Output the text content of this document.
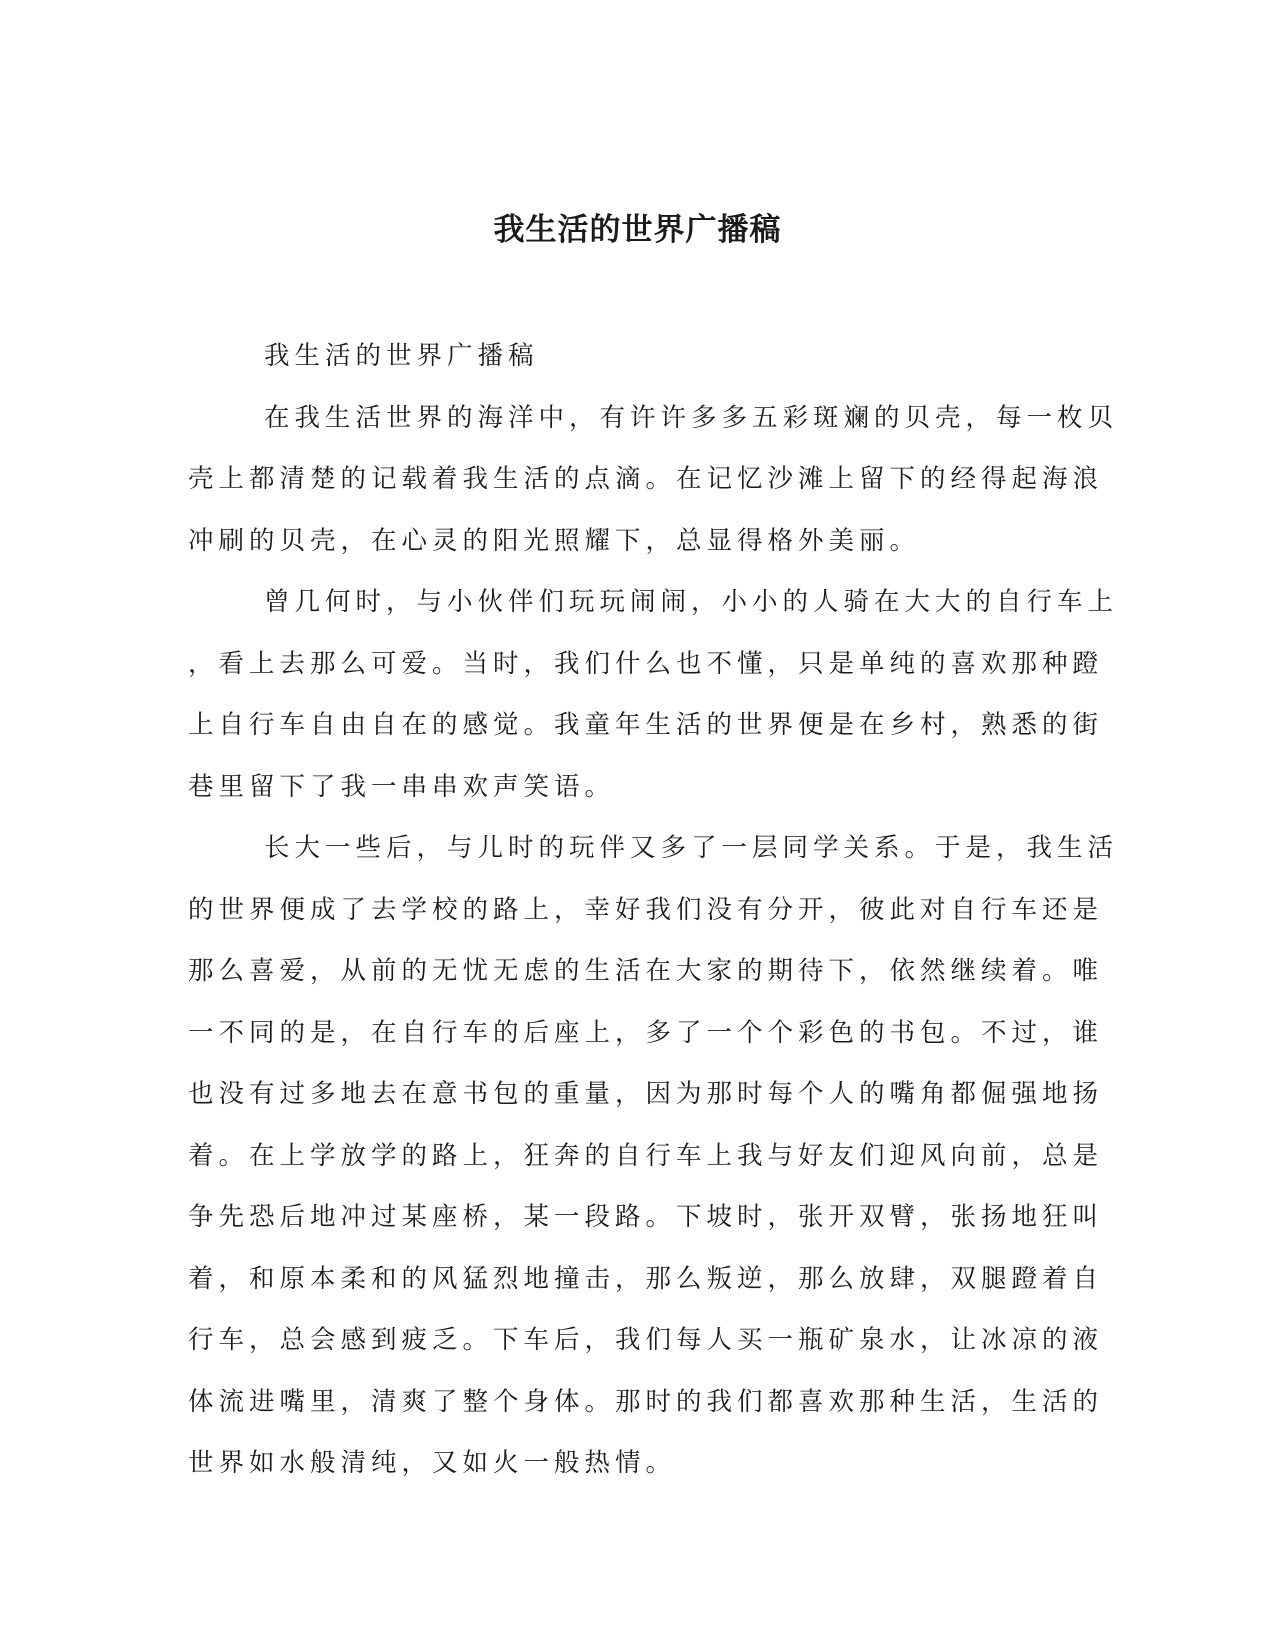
我生活的世界广播稿

我生活的世界广播稿

在我生活世界的海洋中，有许许多多五彩斑斓的贝壳，每一枚贝
壳上都清楚的记载着我生活的点滴。在记忆沙滩上留下的经得起海浪
冲刷的贝壳，在心灵的阳光照耀下，总显得格外美丽。

曾几何时，与小伙伴们玩玩闹闹，小小的人骑在大大的自行车上
，看上去那么可爱。当时，我们什么也不懂，只是单纯的喜欢那种蹬
上自行车自由自在的感觉。我童年生活的世界便是在乡村，熟悉的街
巷里留下了我一串串欢声笑语。

长大一些后，与儿时的玩伴又多了一层同学关系。于是，我生活
的世界便成了去学校的路上，幸好我们没有分开，彼此对自行车还是
那么喜爱，从前的无忧无虑的生活在大家的期待下，依然继续着。唯
一不同的是，在自行车的后座上，多了一个个彩色的书包。不过，谁
也没有过多地去在意书包的重量，因为那时每个人的嘴角都倔强地扬
着。在上学放学的路上，狂奔的自行车上我与好友们迎风向前，总是
争先恐后地冲过某座桥，某一段路。下坡时，张开双臂，张扬地狂叫
着，和原本柔和的风猛烈地撞击，那么叛逆，那么放肆，双腿蹬着自
行车，总会感到疲乏。下车后，我们每人买一瓶矿泉水，让冰凉的液
体流进嘴里，清爽了整个身体。那时的我们都喜欢那种生活，生活的
世界如水般清纯，又如火一般热情。
